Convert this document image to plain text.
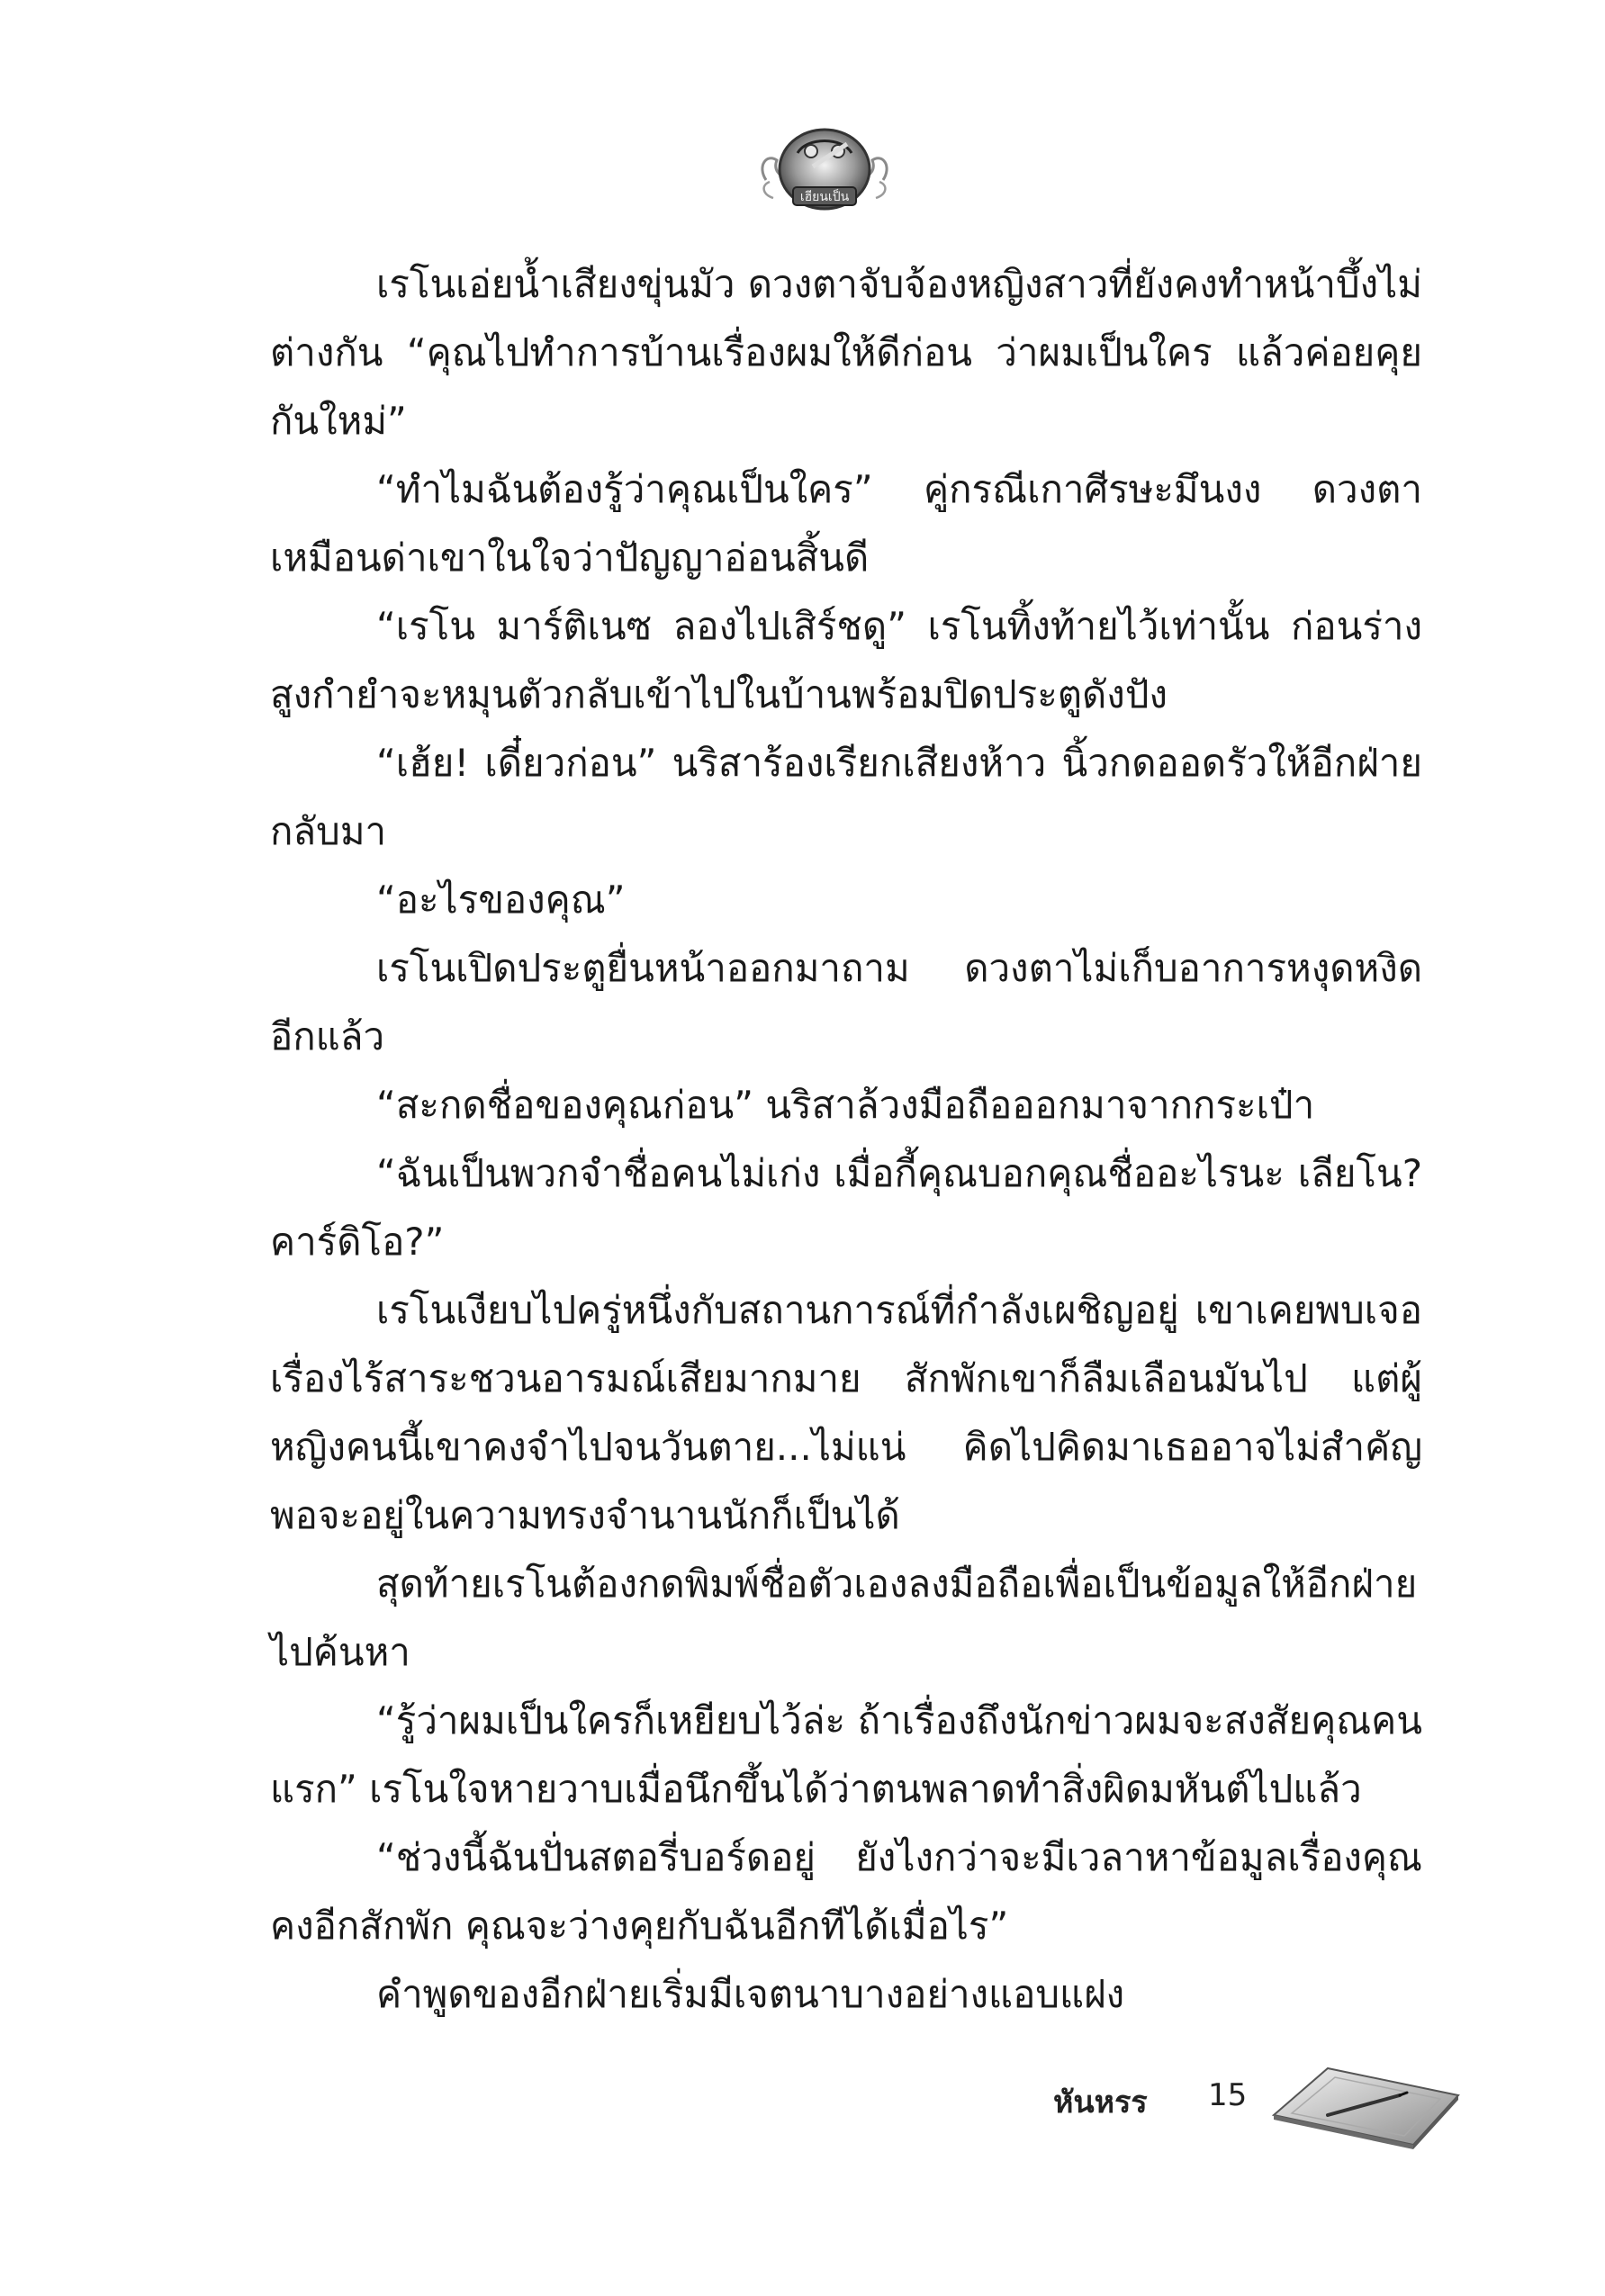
เฮียนเป็น

เรโนเอ่ยน้ำเสียงขุ่นมัว ดวงตาจับจ้องหญิงสาวที่ยังคงทำหน้าบึ้งไม่ต่างกัน “คุณไปทำการบ้านเรื่องผมให้ดีก่อน ว่าผมเป็นใคร แล้วค่อยคุยกันใหม่”

“ทำไมฉันต้องรู้ว่าคุณเป็นใคร” คู่กรณีเกาศีรษะมึนงง ดวงตาเหมือนด่าเขาในใจว่าปัญญาอ่อนสิ้นดี

“เรโน มาร์ติเนซ ลองไปเสิร์ชดู” เรโนทิ้งท้ายไว้เท่านั้น ก่อนร่างสูงกำยำจะหมุนตัวกลับเข้าไปในบ้านพร้อมปิดประตูดังปัง

“เฮ้ย! เดี๋ยวก่อน” นริสาร้องเรียกเสียงห้าว นิ้วกดออดรัวให้อีกฝ่ายกลับมา

“อะไรของคุณ”

เรโนเปิดประตูยื่นหน้าออกมาถาม ดวงตาไม่เก็บอาการหงุดหงิดอีกแล้ว

“สะกดชื่อของคุณก่อน” นริสาล้วงมือถือออกมาจากกระเป๋า

“ฉันเป็นพวกจำชื่อคนไม่เก่ง เมื่อกี้คุณบอกคุณชื่ออะไรนะ เลียโน? คาร์ดิโอ?”

เรโนเงียบไปครู่หนึ่งกับสถานการณ์ที่กำลังเผชิญอยู่ เขาเคยพบเจอเรื่องไร้สาระชวนอารมณ์เสียมากมาย สักพักเขาก็ลืมเลือนมันไป แต่ผู้หญิงคนนี้เขาคงจำไปจนวันตาย...ไม่แน่ คิดไปคิดมาเธออาจไม่สำคัญพอจะอยู่ในความทรงจำนานนักก็เป็นได้

สุดท้ายเรโนต้องกดพิมพ์ชื่อตัวเองลงมือถือเพื่อเป็นข้อมูลให้อีกฝ่ายไปค้นหา

“รู้ว่าผมเป็นใครก็เหยียบไว้ล่ะ ถ้าเรื่องถึงนักข่าวผมจะสงสัยคุณคนแรก” เรโนใจหายวาบเมื่อนึกขึ้นได้ว่าตนพลาดทำสิ่งผิดมหันต์ไปแล้ว

“ช่วงนี้ฉันปั่นสตอรี่บอร์ดอยู่ ยังไงกว่าจะมีเวลาหาข้อมูลเรื่องคุณคงอีกสักพัก คุณจะว่างคุยกับฉันอีกทีได้เมื่อไร”

คำพูดของอีกฝ่ายเริ่มมีเจตนาบางอย่างแอบแฝง

หันหรร 15
